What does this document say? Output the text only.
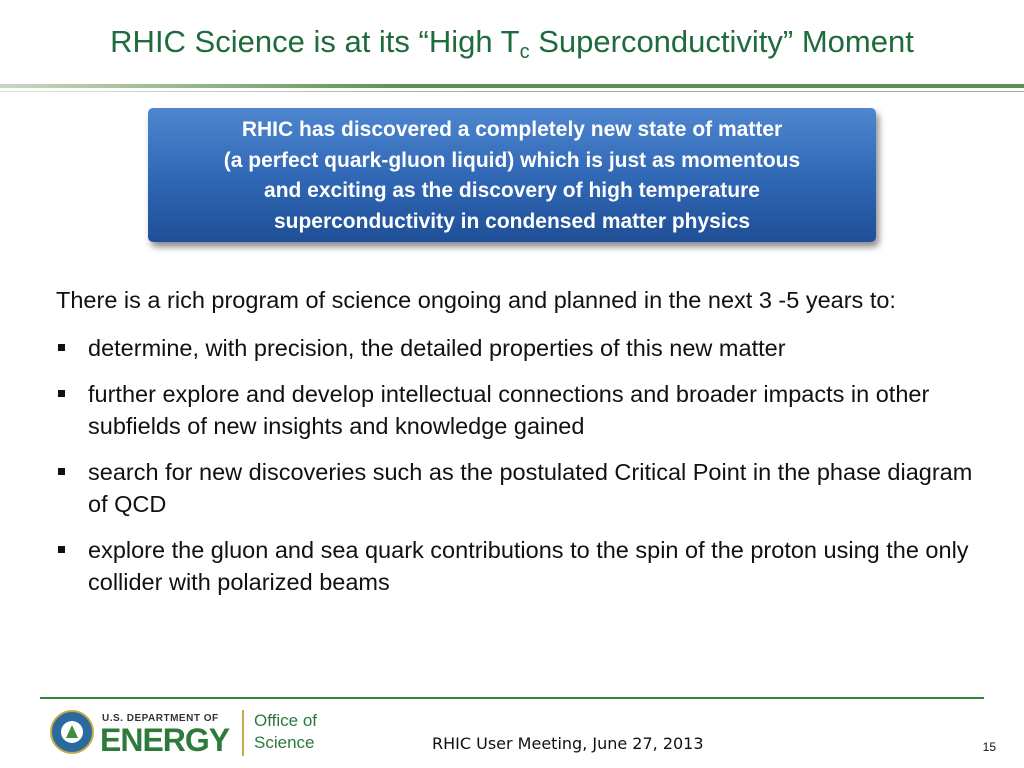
RHIC Science is at its “High $T_c$ Superconductivity” Moment
RHIC has discovered a completely new state of matter
(a perfect quark-gluon liquid) which is just as momentous
and exciting as the discovery of high temperature
superconductivity in condensed matter physics

There is a rich program of science ongoing and planned in the next 3 -5 years to:

determine, with precision, the detailed properties of this new matter
further explore and develop intellectual connections and broader impacts in other subfields of new insights and knowledge gained
search for new discoveries such as the postulated Critical Point in the phase diagram of QCD
explore the gluon and sea quark contributions to the spin of the proton using the only collider with polarized beams
U.S. DEPARTMENT OF
ENERGY
Office of
Science	RHIC User Meeting, June 27, 2013	15
